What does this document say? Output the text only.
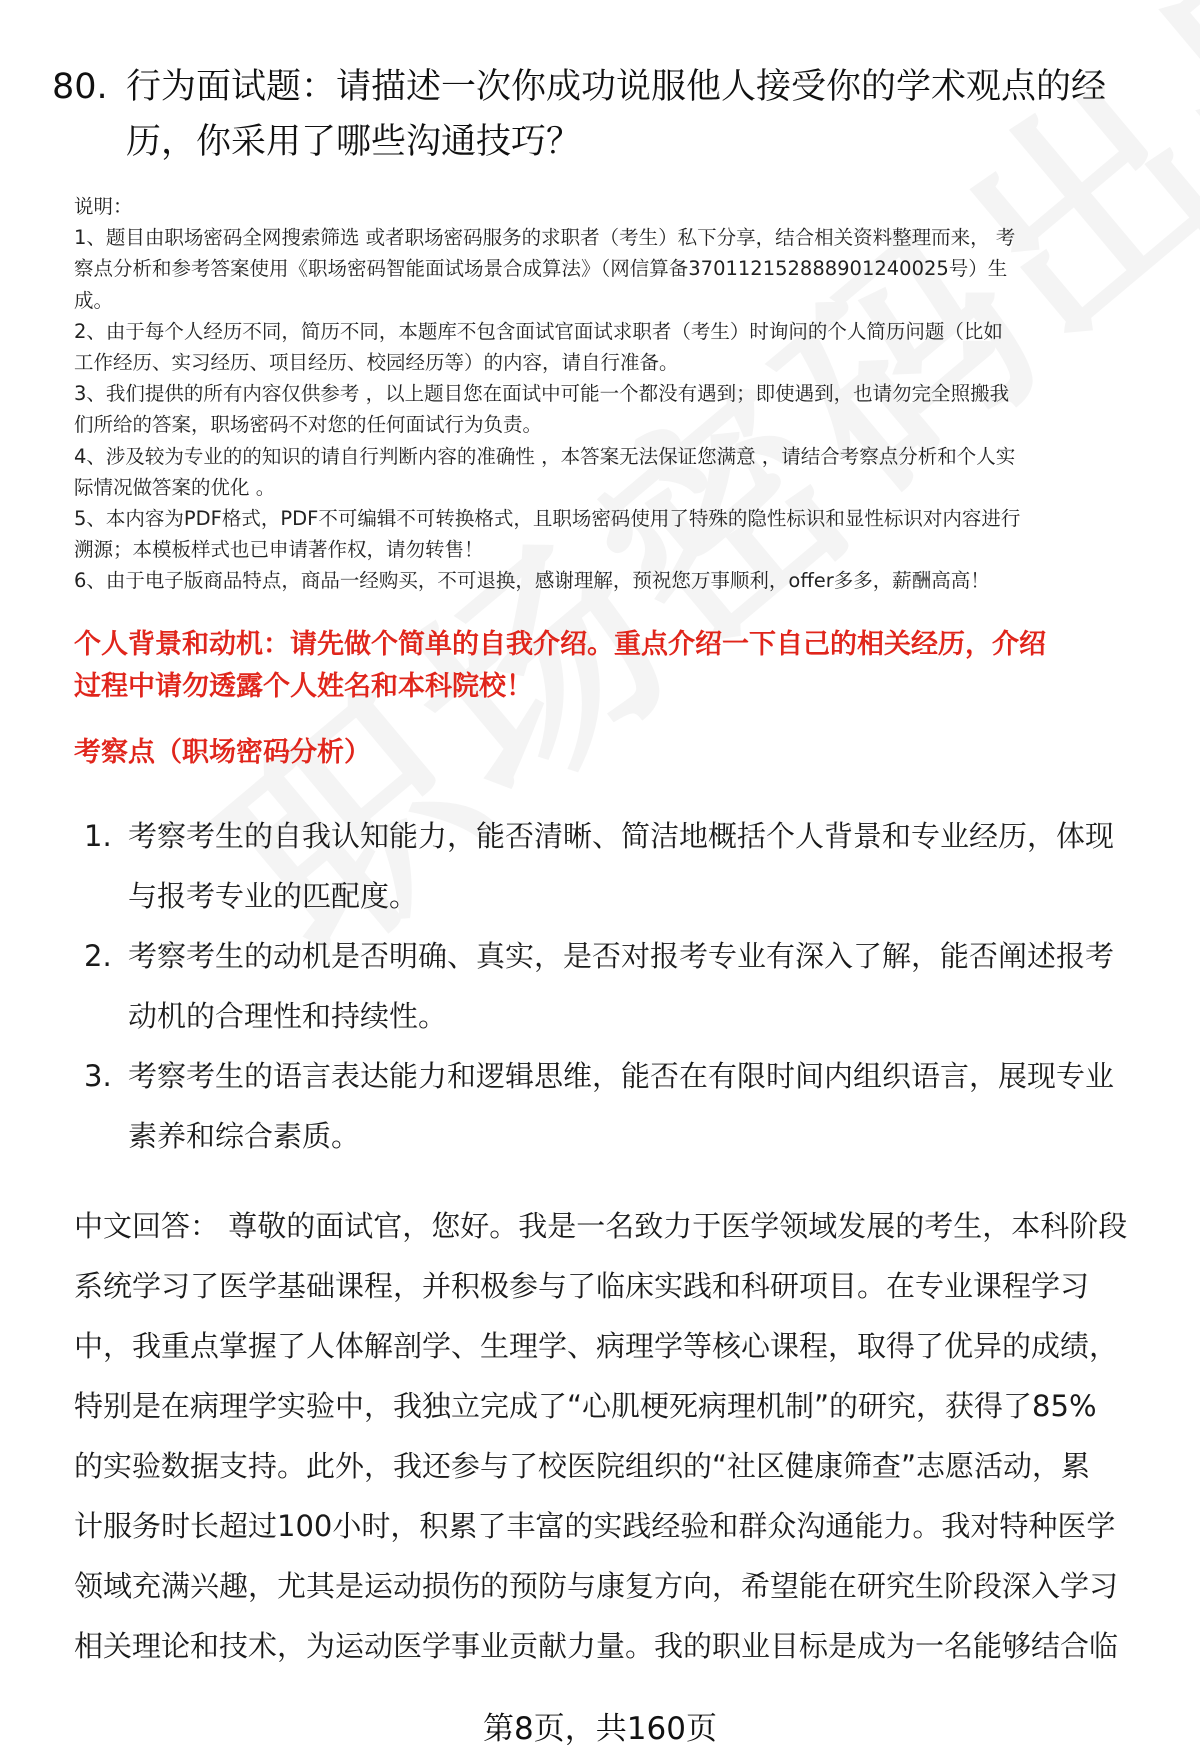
80. 行为面试题：请描述一次你成功说服他人接受你的学术观点的经
历，你采用了哪些沟通技巧？
说明：
1、题目由职场密码全网搜索筛选 或者职场密码服务的求职者（考生）私下分享，结合相关资料整理而来， 考
察点分析和参考答案使用《职场密码智能面试场景合成算法》（网信算备370112152888901240025号）生
成。
2、由于每个人经历不同，简历不同，本题库不包含面试官面试求职者（考生）时询问的个人简历问题（比如
工作经历、实习经历、项目经历、校园经历等）的内容，请自行准备。
3、我们提供的所有内容仅供参考 ，以上题目您在面试中可能一个都没有遇到；即使遇到，也请勿完全照搬我
们所给的答案，职场密码不对您的任何面试行为负责。
4、涉及较为专业的的知识的请自行判断内容的准确性 ，本答案无法保证您满意 ，请结合考察点分析和个人实
际情况做答案的优化 。
5、本内容为PDF格式，PDF不可编辑不可转换格式，且职场密码使用了特殊的隐性标识和显性标识对内容进行
溯源；本模板样式也已申请著作权，请勿转售！
6、由于电子版商品特点，商品一经购买，不可退换，感谢理解，预祝您万事顺利，offer多多，薪酬高高！
个人背景和动机：请先做个简单的自我介绍。重点介绍一下自己的相关经历，介绍
过程中请勿透露个人姓名和本科院校！
考察点（职场密码分析）
1. 考察考生的自我认知能力，能否清晰、简洁地概括个人背景和专业经历，体现
与报考专业的匹配度。
2. 考察考生的动机是否明确、真实，是否对报考专业有深入了解，能否阐述报考
动机的合理性和持续性。
3. 考察考生的语言表达能力和逻辑思维，能否在有限时间内组织语言，展现专业
素养和综合素质。
中文回答： 尊敬的面试官，您好。我是一名致力于医学领域发展的考生，本科阶段
系统学习了医学基础课程，并积极参与了临床实践和科研项目。在专业课程学习
中，我重点掌握了人体解剖学、生理学、病理学等核心课程，取得了优异的成绩，
特别是在病理学实验中，我独立完成了“心肌梗死病理机制”的研究，获得了85%
的实验数据支持。此外，我还参与了校医院组织的“社区健康筛查”志愿活动，累
计服务时长超过100小时，积累了丰富的实践经验和群众沟通能力。我对特种医学
领域充满兴趣，尤其是运动损伤的预防与康复方向，希望能在研究生阶段深入学习
相关理论和技术，为运动医学事业贡献力量。我的职业目标是成为一名能够结合临
第8页，共160页
